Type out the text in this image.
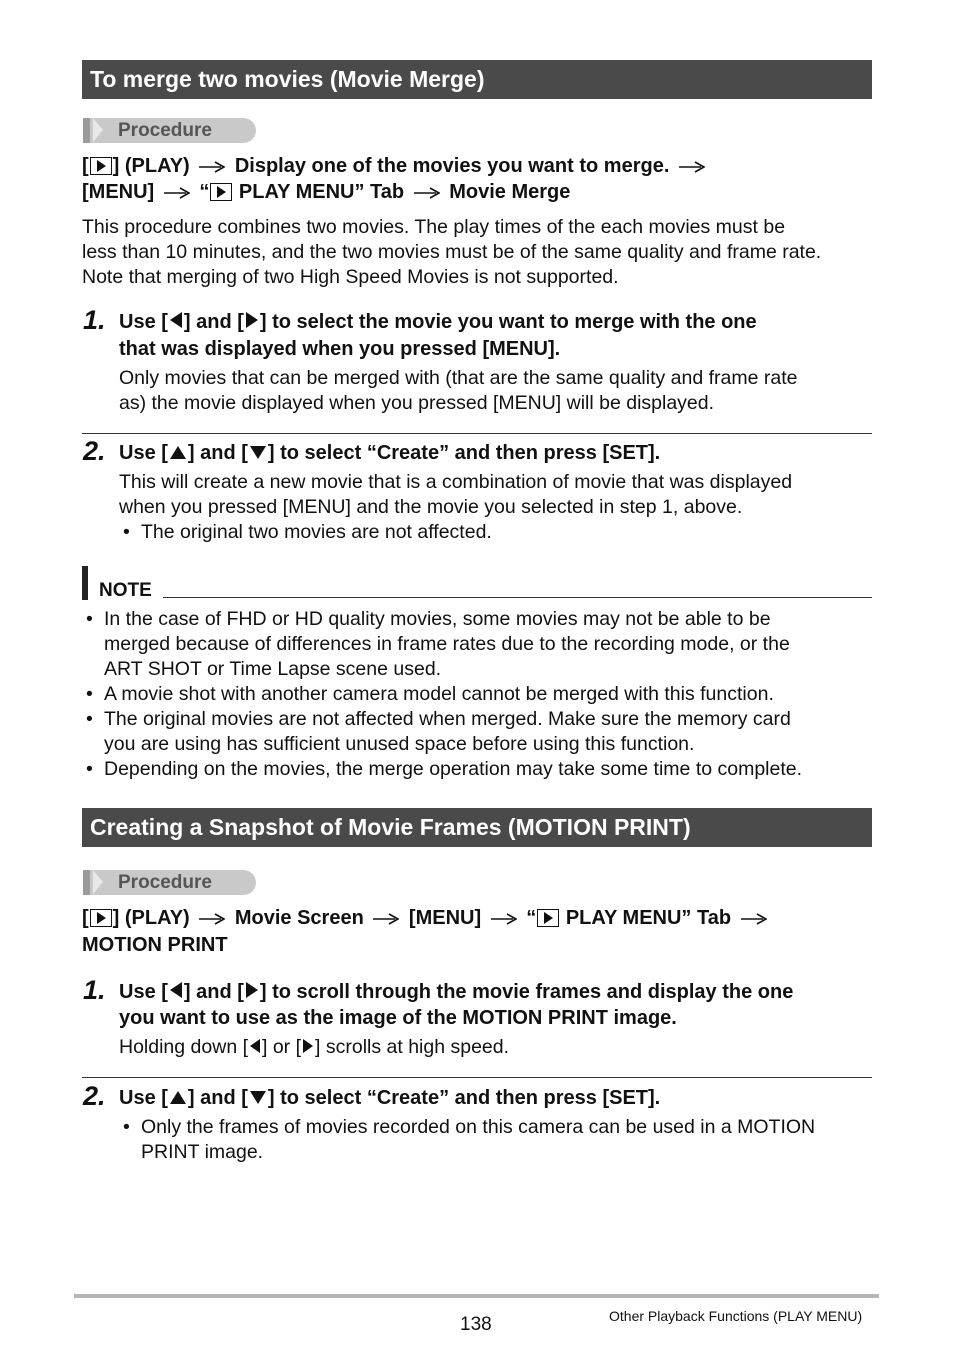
To merge two movies (Movie Merge)
Procedure
[ ] (PLAY) Display one of the movies you want to merge.
[MENU] “ PLAY MENU” Tab Movie Merge
This procedure combines two movies. The play times of the each movies must be
less than 10 minutes, and the two movies must be of the same quality and frame rate.
Note that merging of two High Speed Movies is not supported.
1. Use [ ] and [ ] to select the movie you want to merge with the one
that was displayed when you pressed [MENU].
Only movies that can be merged with (that are the same quality and frame rate
as) the movie displayed when you pressed [MENU] will be displayed.
2. Use [ ] and [ ] to select “Create” and then press [SET].
This will create a new movie that is a combination of movie that was displayed
when you pressed [MENU] and the movie you selected in step 1, above.
• The original two movies are not affected.
NOTE
• In the case of FHD or HD quality movies, some movies may not be able to be
merged because of differences in frame rates due to the recording mode, or the
ART SHOT or Time Lapse scene used.
• A movie shot with another camera model cannot be merged with this function.
• The original movies are not affected when merged. Make sure the memory card
you are using has sufficient unused space before using this function.
• Depending on the movies, the merge operation may take some time to complete.
Creating a Snapshot of Movie Frames (MOTION PRINT)
Procedure
[ ] (PLAY) Movie Screen [MENU] “ PLAY MENU” Tab
MOTION PRINT
1. Use [ ] and [ ] to scroll through the movie frames and display the one
you want to use as the image of the MOTION PRINT image.
Holding down [ ] or [ ] scrolls at high speed.
2. Use [ ] and [ ] to select “Create” and then press [SET].
• Only the frames of movies recorded on this camera can be used in a MOTION
PRINT image.
138	Other Playback Functions (PLAY MENU)
